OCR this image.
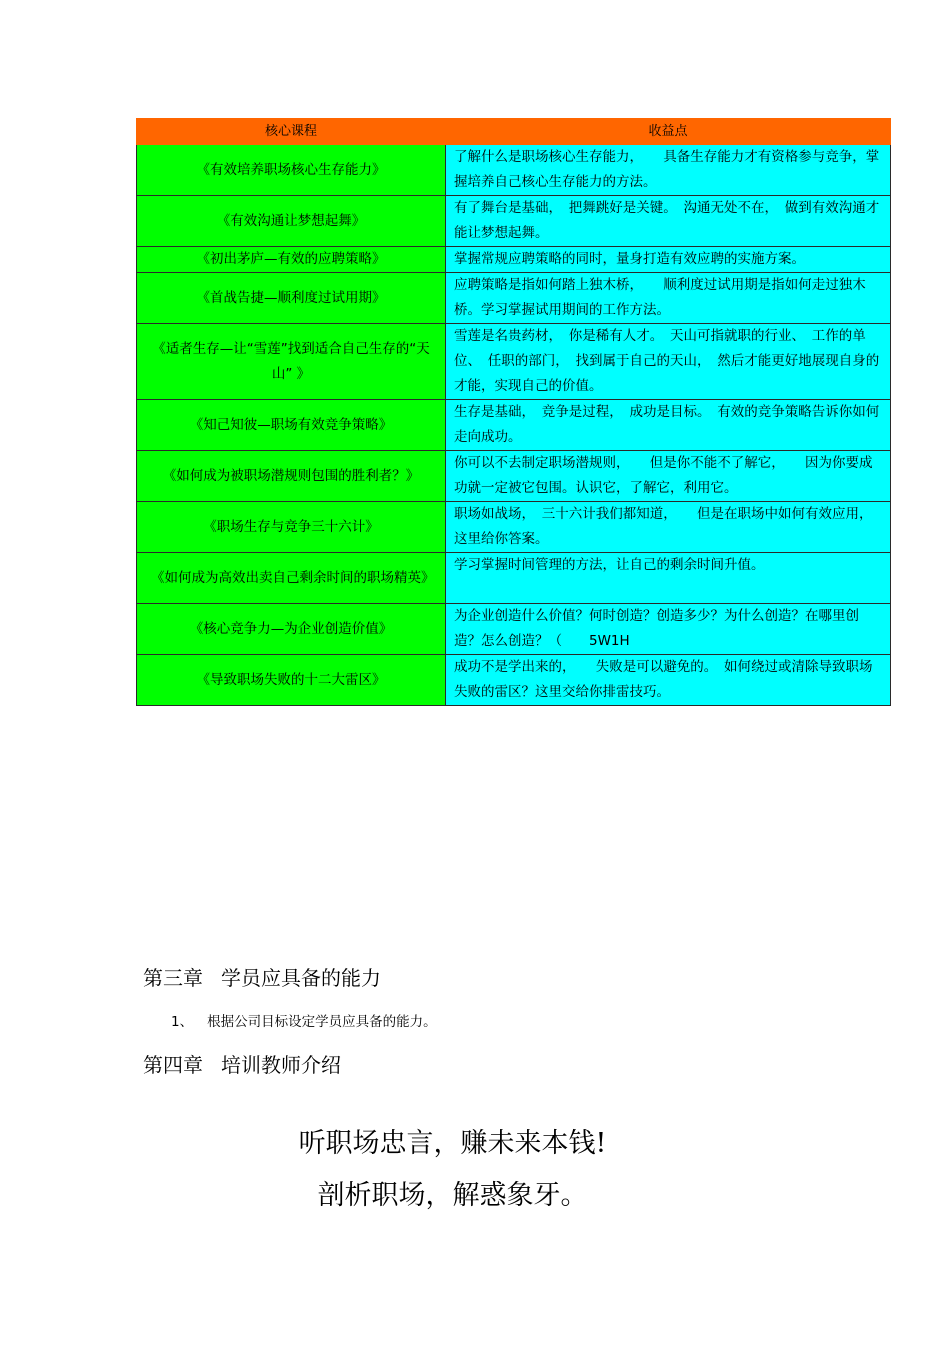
核心课程	收益点
《有效培养职场核心生存能力》	了解什么是职场核心生存能力，　　具备生存能力才有资格参与竞争，掌握培养自己核心生存能力的方法。
《有效沟通让梦想起舞》	有了舞台是基础，　把舞跳好是关键。　沟通无处不在，　做到有效沟通才能让梦想起舞。
《初出茅庐—有效的应聘策略》	掌握常规应聘策略的同时，量身打造有效应聘的实施方案。
《首战告捷—顺利度过试用期》	应聘策略是指如何踏上独木桥，　　顺利度过试用期是指如何走过独木桥。学习掌握试用期间的工作方法。
《适者生存—让“雪莲”找到适合自己生存的“天山” 》	雪莲是名贵药材，　你是稀有人才。　天山可指就职的行业、　工作的单位、　任职的部门，　找到属于自己的天山，　然后才能更好地展现自身的才能，实现自己的价值。
《知己知彼—职场有效竞争策略》	生存是基础，　竞争是过程，　成功是目标。　有效的竞争策略告诉你如何走向成功。
《如何成为被职场潜规则包围的胜利者？》	你可以不去制定职场潜规则，　　但是你不能不了解它，　　因为你要成功就一定被它包围。认识它，了解它，利用它。
《职场生存与竞争三十六计》	职场如战场，　三十六计我们都知道，　　但是在职场中如何有效应用，这里给你答案。
《如何成为高效出卖自己剩余时间的职场精英》	学习掌握时间管理的方法，让自己的剩余时间升值。
《核心竞争力—为企业创造价值》	为企业创造什么价值？何时创造？创造多少？为什么创造？在哪里创造？怎么创造？（　　5W1H
《导致职场失败的十二大雷区》	成功不是学出来的，　　失败是可以避免的。　如何绕过或清除导致职场失败的雷区？这里交给你排雷技巧。
第三章 学员应具备的能力
1、 根据公司目标设定学员应具备的能力。
第四章 培训教师介绍
听职场忠言，赚未来本钱!
剖析职场，解惑象牙。
